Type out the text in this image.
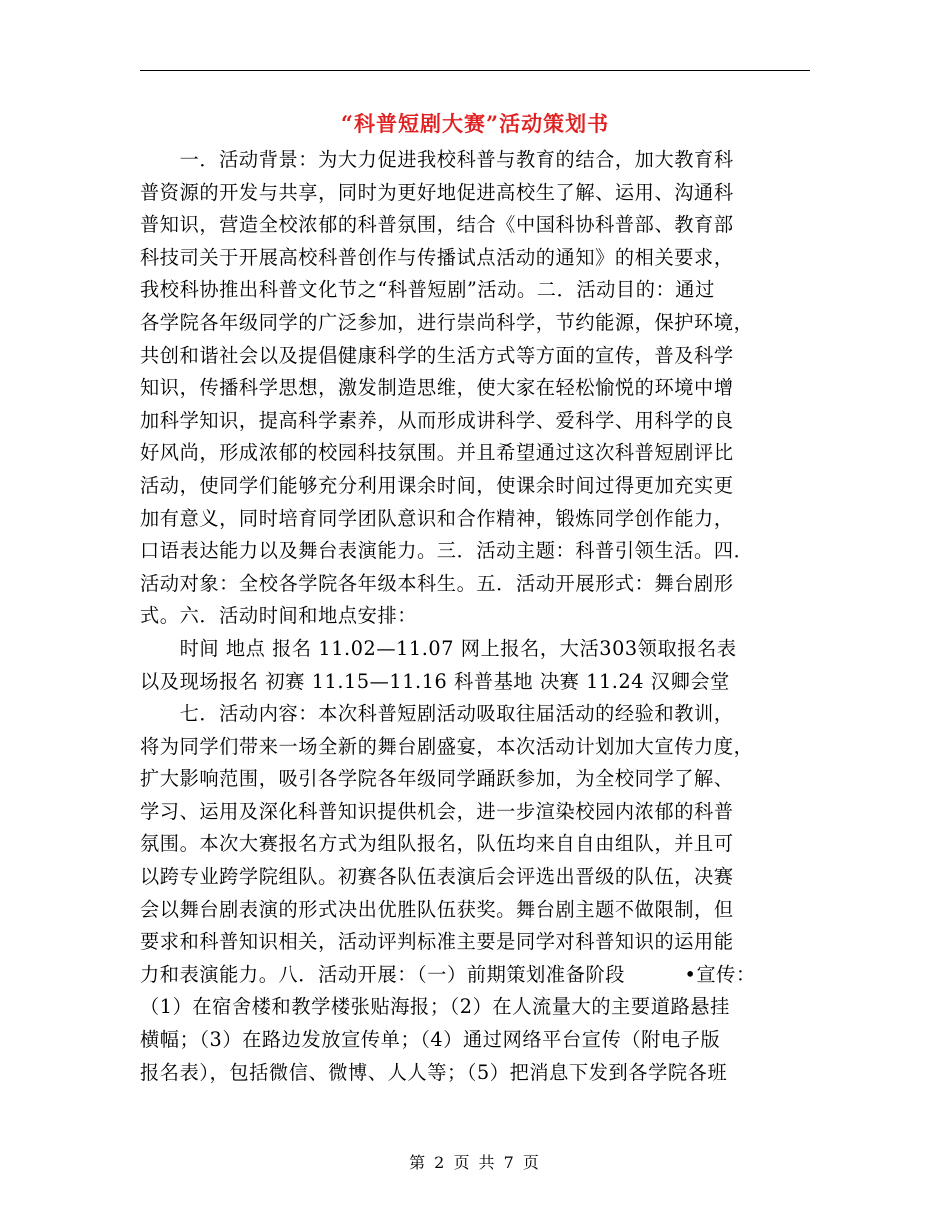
“科普短剧大赛”活动策划书
　　一．活动背景：为大力促进我校科普与教育的结合，加大教育科
普资源的开发与共享，同时为更好地促进高校生了解、运用、沟通科
普知识，营造全校浓郁的科普氛围，结合《中国科协科普部、教育部
科技司关于开展高校科普创作与传播试点活动的通知》的相关要求，
我校科协推出科普文化节之“科普短剧”活动。二．活动目的：通过
各学院各年级同学的广泛参加，进行崇尚科学，节约能源，保护环境，
共创和谐社会以及提倡健康科学的生活方式等方面的宣传，普及科学
知识，传播科学思想，激发制造思维，使大家在轻松愉悦的环境中增
加科学知识，提高科学素养，从而形成讲科学、爱科学、用科学的良
好风尚，形成浓郁的校园科技氛围。并且希望通过这次科普短剧评比
活动，使同学们能够充分利用课余时间，使课余时间过得更加充实更
加有意义，同时培育同学团队意识和合作精神，锻炼同学创作能力，
口语表达能力以及舞台表演能力。三．活动主题：科普引领生活。四．
活动对象：全校各学院各年级本科生。五．活动开展形式：舞台剧形
式。六．活动时间和地点安排：
　　时间 地点 报名 11.02—11.07 网上报名，大活303领取报名表
以及现场报名 初赛 11.15—11.16 科普基地 决赛 11.24 汉卿会堂
　　七．活动内容：本次科普短剧活动吸取往届活动的经验和教训，
将为同学们带来一场全新的舞台剧盛宴，本次活动计划加大宣传力度，
扩大影响范围，吸引各学院各年级同学踊跃参加，为全校同学了解、
学习、运用及深化科普知识提供机会，进一步渲染校园内浓郁的科普
氛围。本次大赛报名方式为组队报名，队伍均来自自由组队，并且可
以跨专业跨学院组队。初赛各队伍表演后会评选出晋级的队伍，决赛
会以舞台剧表演的形式决出优胜队伍获奖。舞台剧主题不做限制，但
要求和科普知识相关，活动评判标准主要是同学对科普知识的运用能
力和表演能力。八．活动开展：（一）前期策划准备阶段　　　•宣传：
（1）在宿舍楼和教学楼张贴海报；（2）在人流量大的主要道路悬挂
横幅；（3）在路边发放宣传单；（4）通过网络平台宣传（附电子版
报名表），包括微信、微博、人人等；（5）把消息下发到各学院各班
第 2 页 共 7 页
